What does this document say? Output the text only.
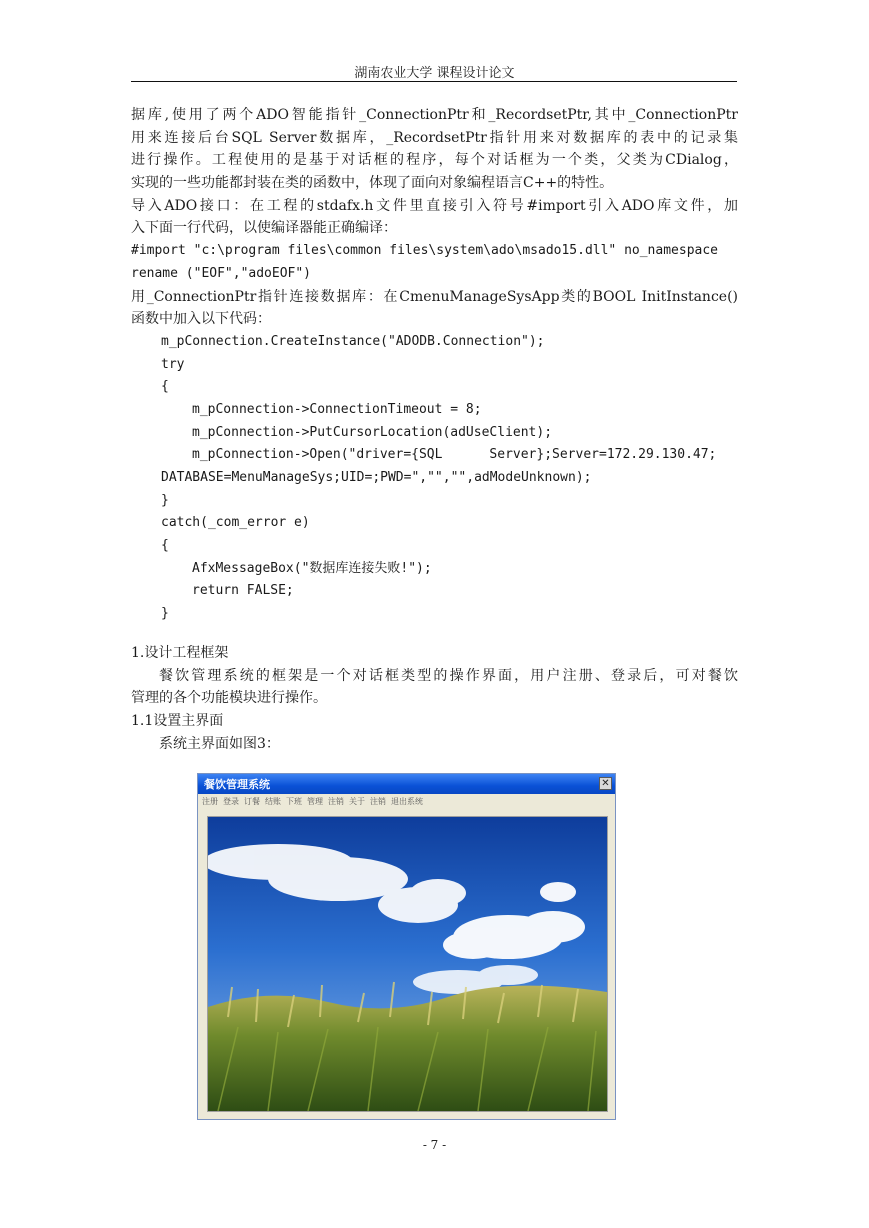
湖南农业大学 课程设计论文
据库,使用了两个ADO智能指针_ConnectionPtr和_RecordsetPtr,其中_ConnectionPtr
用来连接后台SQL Server数据库，_RecordsetPtr指针用来对数据库的表中的记录集
进行操作。工程使用的是基于对话框的程序，每个对话框为一个类，父类为CDialog，
实现的一些功能都封装在类的函数中，体现了面向对象编程语言C++的特性。
导入ADO接口：在工程的stdafx.h文件里直接引入符号#import引入ADO库文件，加
入下面一行代码，以使编译器能正确编译：
#import "c:\program files\common files\system\ado\msado15.dll" no_namespace
rename ("EOF","adoEOF")
用_ConnectionPtr指针连接数据库：在CmenuManageSysApp类的BOOL InitInstance()
函数中加入以下代码：
m_pConnection.CreateInstance("ADODB.Connection");
try
{
m_pConnection->ConnectionTimeout = 8;
m_pConnection->PutCursorLocation(adUseClient);
m_pConnection->Open("driver={SQL      Server};Server=172.29.130.47;
DATABASE=MenuManageSys;UID=;PWD=","","",adModeUnknown);
}
catch(_com_error e)
{
AfxMessageBox("数据库连接失败!");
return FALSE;
}
1.设计工程框架
餐饮管理系统的框架是一个对话框类型的操作界面，用户注册、登录后，可对餐饮
管理的各个功能模块进行操作。
1.1设置主界面
系统主界面如图3：
餐饮管理系统	✕
注册 登录 订餐 结账 下班 管理 注销 关于 注销 退出系统
- 7 -
